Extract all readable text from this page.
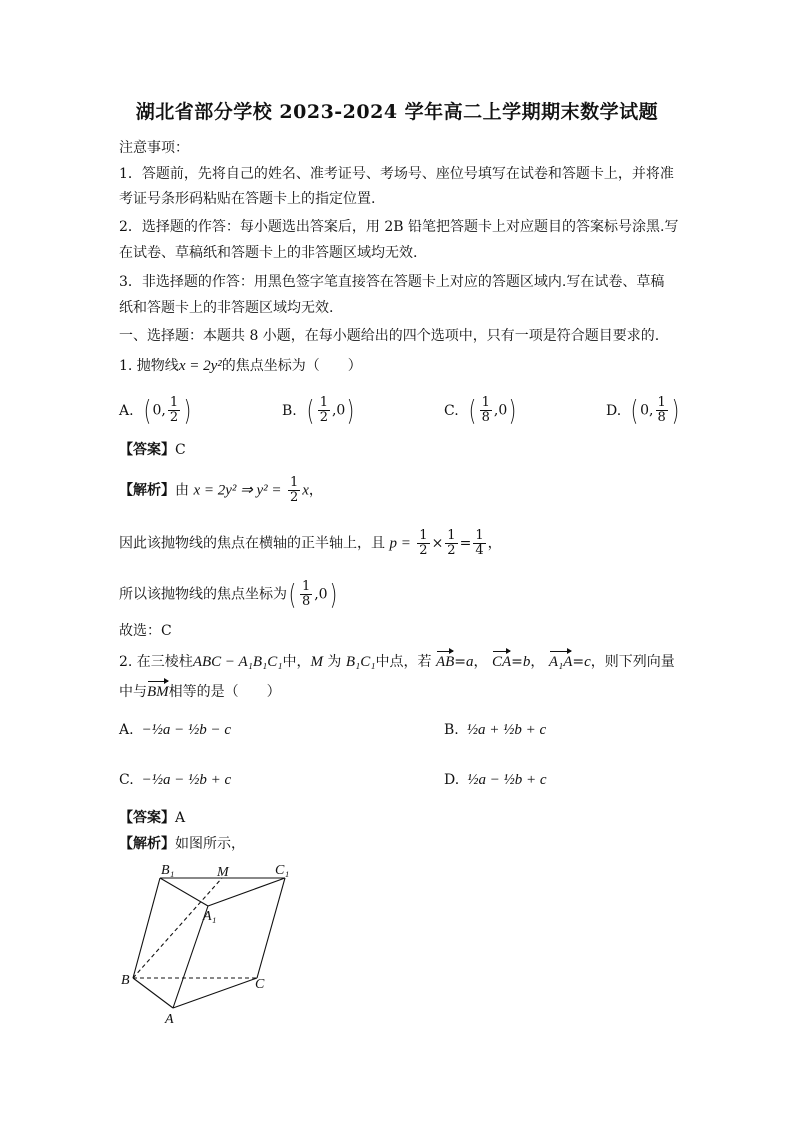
湖北省部分学校 2023-2024 学年高二上学期期末数学试题
注意事项：
1．答题前，先将自己的姓名、准考证号、考场号、座位号填写在试卷和答题卡上，并将准
考证号条形码粘贴在答题卡上的指定位置.
2．选择题的作答：每小题选出答案后，用 2B 铅笔把答题卡上对应题目的答案标号涂黑.写
在试卷、草稿纸和答题卡上的非答题区域均无效.
3．非选择题的作答：用黑色签字笔直接答在答题卡上对应的答题区域内.写在试卷、草稿
纸和答题卡上的非答题区域均无效.
一、选择题：本题共 8 小题，在每小题给出的四个选项中，只有一项是符合题目要求的.
1. 抛物线x = 2y²的焦点坐标为（　　）
A. ( 0, $\frac{1}{2}$ )	B. ( $\frac{1}{2} ,0$)	C. ( $\frac{1}{8} ,0$)	D. ( 0, $\frac{1}{8}$ )
【答案】C
【解析】由 x = 2y² ⇒ $y^2 = \frac{1}{2}$ x，
因此该抛物线的焦点在横轴的正半轴上，且 $p = \frac{1}{2} \times \frac{1}{2} = \frac{1}{4}$ ，
所以该抛物线的焦点坐标为( $\frac{1}{8} ,0$)
故选：C
2. 在三棱柱ABC − A₁B₁C₁中，M 为 B₁C₁中点，若 AB=a， CA=b， A₁A=c，则下列向量
中与BM相等的是（　　）
A. −½a − ½b − c	B. ½a + ½b + c
C. −½a − ½b + c	D. ½a − ½b + c
【答案】A
【解析】如图所示，
B₁	M	C₁
A₁
B	C
A
